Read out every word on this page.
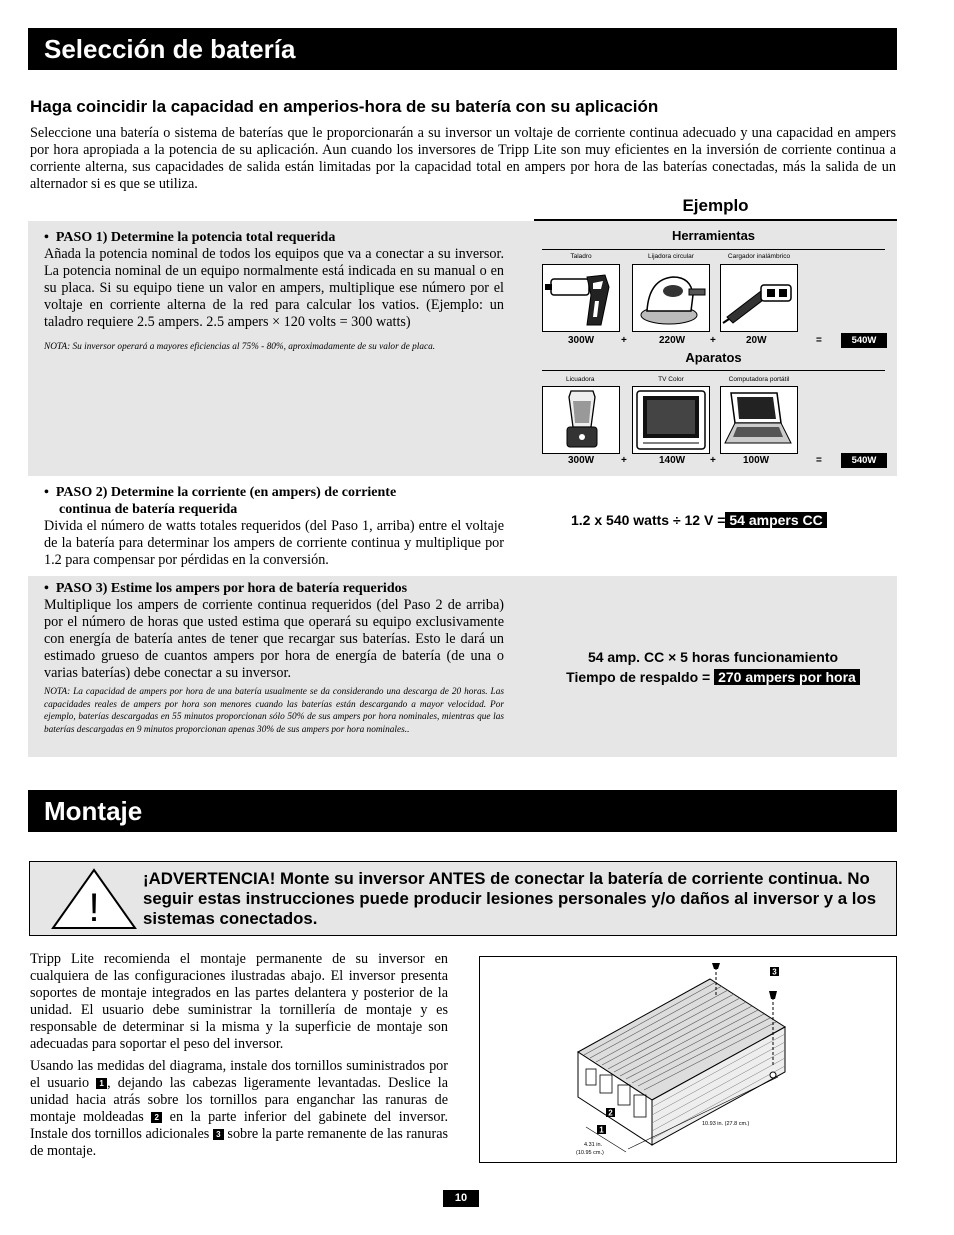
Selección de batería
Haga coincidir la capacidad en amperios-hora de su batería con su aplicación
Seleccione una batería o sistema de baterías que le proporcionarán a su inversor un voltaje de corriente continua adecuado y una capacidad en ampers por hora apropiada a la potencia de su aplicación. Aun cuando los inversores de Tripp Lite son muy eficientes en la inversión de corriente continua a corriente alterna, sus capacidades de salida están limitadas por la capacidad total en ampers por hora de las baterías conectadas, más la salida de un alternador si es que se utiliza.
Ejemplo
• PASO 1) Determine la potencia total requerida
Añada la potencia nominal de todos los equipos que va a conectar a su inversor. La potencia nominal de un equipo normalmente está indicada en su manual o en su placa. Si su equipo tiene un valor en ampers, multiplique ese número por el voltaje en corriente alterna de la red para calcular los vatios. (Ejemplo: un taladro requiere 2.5 ampers. 2.5 ampers × 120 volts = 300 watts)
NOTA: Su inversor operará a mayores eficiencias al 75% - 80%, aproximadamente de su valor de placa.
Herramientas
Taladro	Lijadora circular	Cargador inalámbrico
300W	+	220W +	20W	=	540W
Aparatos
Licuadora	TV Color	Computadora portátil
300W	+	140W +	100W	=	540W
• PASO 2) Determine la corriente (en ampers) de corriente
continua de batería requerida
Divida el número de watts totales requeridos (del Paso 1, arriba) entre el voltaje de la batería para determinar los ampers de corriente continua y multiplique por 1.2 para compensar por pérdidas en la conversión.
1.2 x 540 watts ÷ 12 V = 54 ampers CC
• PASO 3) Estime los ampers por hora de batería requeridos
Multiplique los ampers de corriente continua requeridos (del Paso 2 de arriba) por el número de horas que usted estima que operará su equipo exclusivamente con energía de batería antes de tener que recargar sus baterías. Esto le dará un estimado grueso de cuantos ampers por hora de energía de batería (de una o varias baterías) debe conectar a su inversor.
NOTA: La capacidad de ampers por hora de una batería usualmente se da considerando una descarga de 20 horas. Las capacidades reales de ampers por hora son menores cuando las baterías están descargando a mayor velocidad. Por ejemplo, baterías descargadas en 55 minutos proporcionan sólo 50% de sus ampers por hora nominales, mientras que las baterías descargadas en 9 minutos proporcionan apenas 30% de sus ampers por hora nominales..
54 amp. CC × 5 horas funcionamiento
Tiempo de respaldo = 270 ampers por hora
Montaje
!
¡ADVERTENCIA! Monte su inversor ANTES de conectar la batería de corriente continua. No seguir estas instrucciones puede producir lesiones personales y/o daños al inversor y a los sistemas conectados.
Tripp Lite recomienda el montaje permanente de su inversor en cualquiera de las configuraciones ilustradas abajo. El inversor presenta soportes de montaje integrados en las partes delantera y posterior de la unidad. El usuario debe suministrar la tornillería de montaje y es responsable de determinar si la misma y la superficie de montaje son adecuadas para soportar el peso del inversor.
Usando las medidas del diagrama, instale dos tornillos suministrados por el usuario 1 , dejando las cabezas ligeramente levantadas. Deslice la unidad hacia atrás sobre los tornillos para enganchar las ranuras de montaje moldeadas 2 en la parte inferior del gabinete del inversor. Instale dos tornillos adicionales 3 sobre la parte remanente de las ranuras de montaje.
3
2
1
10.93 in. (27.8 cm.)
4.31 in.
(10.95 cm.)
10
